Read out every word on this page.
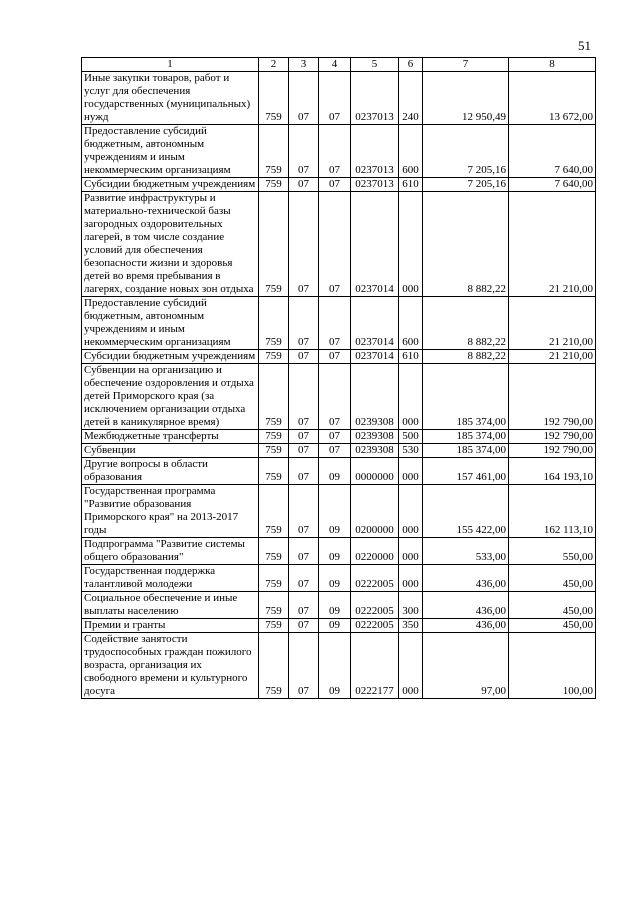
51
1	2	3	4	5	6	7	8
Иные закупки товаров, работ и услуг для обеспечения государственных (муниципальных) нужд	759	07	07	0237013	240	12 950,49	13 672,00
Предоставление субсидий бюджетным, автономным учреждениям и иным некоммерческим организациям	759	07	07	0237013	600	7 205,16	7 640,00
Субсидии бюджетным учреждениям	759	07	07	0237013	610	7 205,16	7 640,00
Развитие инфраструктуры и материально-технической базы загородных оздоровительных лагерей, в том числе создание условий для обеспечения безопасности жизни и здоровья детей во время пребывания в лагерях, создание новых зон отдыха	759	07	07	0237014	000	8 882,22	21 210,00
Предоставление субсидий бюджетным, автономным учреждениям и иным некоммерческим организациям	759	07	07	0237014	600	8 882,22	21 210,00
Субсидии бюджетным учреждениям	759	07	07	0237014	610	8 882,22	21 210,00
Субвенции на организацию и обеспечение оздоровления и отдыха детей Приморского края (за исключением организации отдыха детей в каникулярное время)	759	07	07	0239308	000	185 374,00	192 790,00
Межбюджетные трансферты	759	07	07	0239308	500	185 374,00	192 790,00
Субвенции	759	07	07	0239308	530	185 374,00	192 790,00
Другие вопросы в области образования	759	07	09	0000000	000	157 461,00	164 193,10
Государственная программа "Развитие образования Приморского края" на 2013-2017 годы	759	07	09	0200000	000	155 422,00	162 113,10
Подпрограмма "Развитие системы общего образования"	759	07	09	0220000	000	533,00	550,00
Государственная поддержка талантливой молодежи	759	07	09	0222005	000	436,00	450,00
Социальное обеспечение и иные выплаты населению	759	07	09	0222005	300	436,00	450,00
Премии и гранты	759	07	09	0222005	350	436,00	450,00
Содействие занятости трудоспособных граждан пожилого возраста, организация их свободного времени и культурного досуга	759	07	09	0222177	000	97,00	100,00
